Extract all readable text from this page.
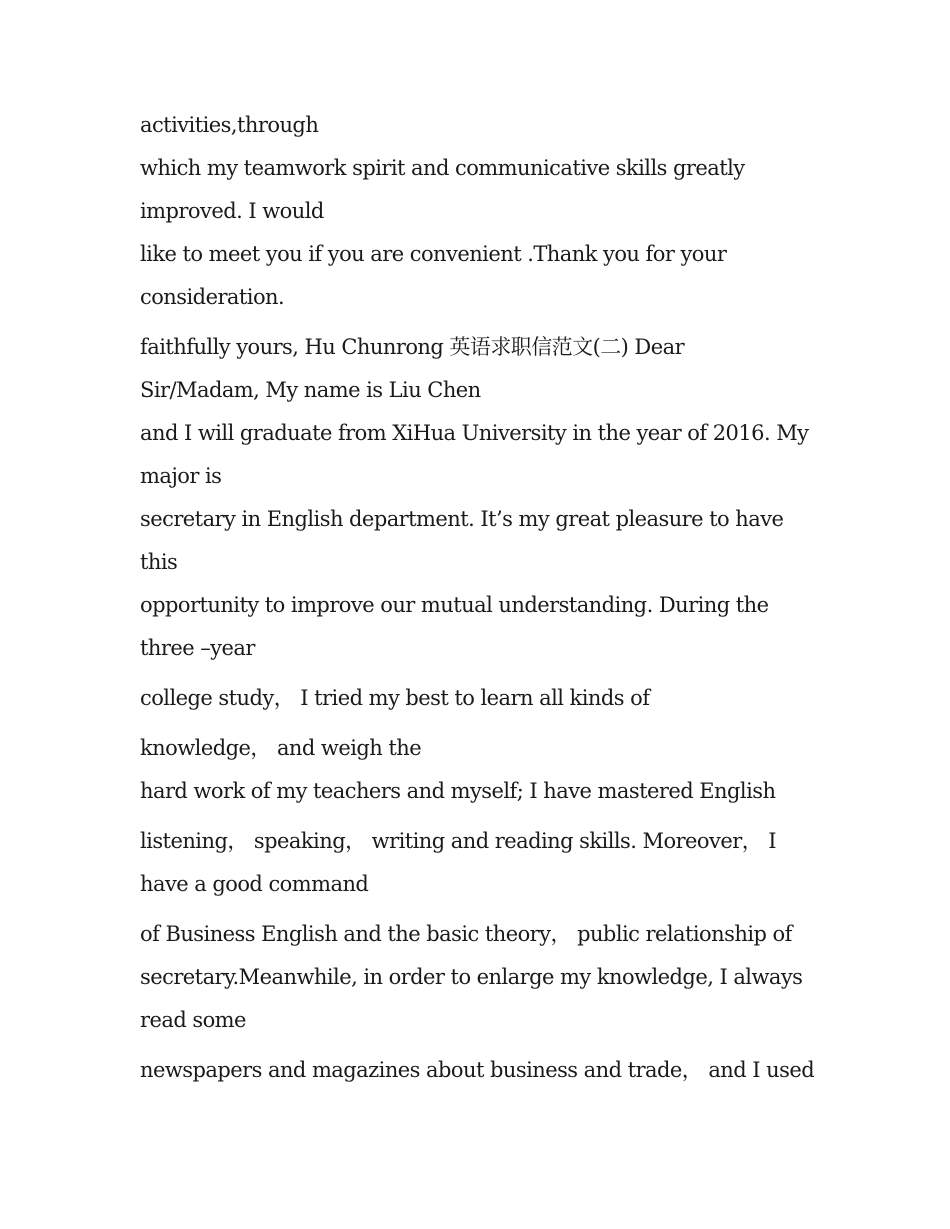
activities,through
which my teamwork spirit and communicative skills greatly
improved. I would
like to meet you if you are convenient .Thank you for your
consideration.
faithfully yours, Hu Chunrong 英语求职信范文(二) Dear
Sir/Madam, My name is Liu Chen
and I will graduate from XiHua University in the year of 2016. My
major is
secretary in English department. It’s my great pleasure to have
this
opportunity to improve our mutual understanding. During the
three –year
college study， I tried my best to learn all kinds of
knowledge， and weigh the
hard work of my teachers and myself; I have mastered English
listening， speaking， writing and reading skills. Moreover， I
have a good command
of Business English and the basic theory， public relationship of
secretary.Meanwhile, in order to enlarge my knowledge, I always
read some
newspapers and magazines about business and trade， and I used
